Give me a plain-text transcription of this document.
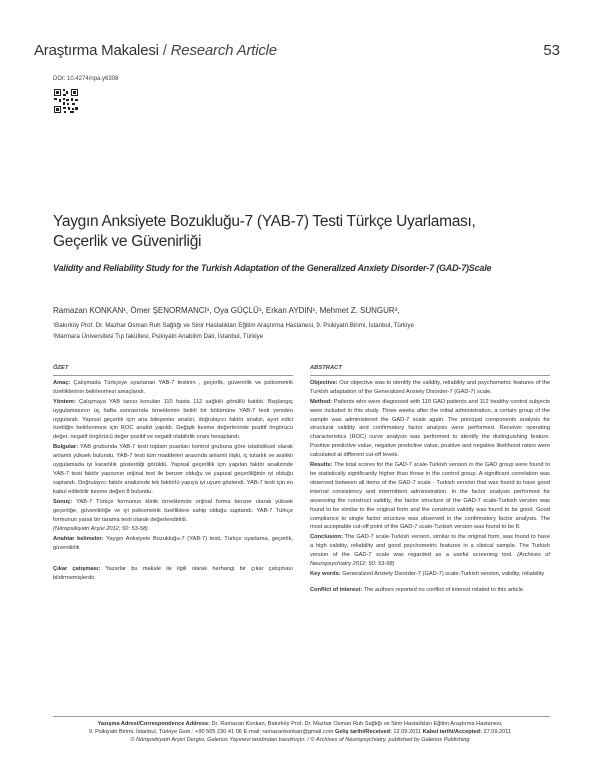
Araştırma Makalesi / Research Article	53
DOI: 10.4274/npa.y6308
Yaygın Anksiyete Bozukluğu-7 (YAB-7) Testi Türkçe Uyarlaması,
Geçerlik ve Güvenirliği
Validity and Reliability Study for the Turkish Adaptation of the Generalized Anxiety Disorder-7 (GAD-7)Scale
Ramazan KONKAN¹, Ömer ŞENORMANCI¹, Oya GÜÇLÜ¹, Erkan AYDIN¹, Mehmet Z. SUNGUR²,
¹Bakırköy Prof. Dr. Mazhar Osman Ruh Sağlığı ve Sinir Hastalıkları Eğitim Araştırma Hastanesi, 9. Psikiyatri Birimi, İstanbul, Türkiye
²Marmara Üniversitesi Tıp fakültesi, Psikiyatri Anabilim Dalı, İstanbul, Türkiye
ÖZET

Amaç: Çalışmada Türkçeye uyarlanan YAB-7 testinin , geçerlik, güvenirlik ve psikometrik özelliklerinin belirlenmesi amaçlandı.

Yöntem: Çalışmaya YAB tanısı konulan 110 hasta 112 sağlıklı gönüllü katıldı. Başlangıç uygulamasının üç hafta sonrasında örneklemin belirli bir bölümüne YAB-7 testi yeniden uygulandı. Yapısal geçerlik için ana bileşenler analizi, doğrulayıcı faktör analizi, ayırt edici özelliğin belirlenmesi için ROC analizi yapıldı. Değişik kesme değerlerinde pozitif öngörücü değer, negatif öngörücü değer pozitif ve negatif olabilirlik oranı hesaplandı.

Bulgular: YAB grubunda YAB-7 testi toplam puanları kontrol grubuna göre istatistiksel olarak anlamlı yüksek bulundu. YAB-7 testi tüm maddeleri arasında anlamlı ilişki, iç tutarlık ve aralıklı uygulamada iyi kararlılık gösterdiği görüldü. Yapısal geçerlilik için yapılan faktör analizinde YAB-7 testi faktör yapısının orijinal test ile benzer olduğu ve yapısal geçerliliğinin iyi olduğu saptandı. Doğrulayıcı faktör analizinde tek faktörlü yapıya iyi uyum gözlendi. YAB-7 testi için en kabul edilebilir kesme değeri 8 bulundu.

Sonuç: YAB-7 Türkçe formunun klinik örneklemde orijinal forma benzer olarak yüksek geçerliğe, güvenilirliğe ve iyi psikometrik özelliklere sahip olduğu saptandı. YAB-7 Türkçe formunun yaralı bir tarama testi olarak değerlendirildi.

(Nöropsikiyatri Arşivi 2012; 50: 53-58)

Anahtar kelimeler: Yaygın Anksiyete Bozukluğu-7 (YAB-7) testi, Türkçe uyarlama, geçerlik, güvenilirlik

Çıkar çatışması: Yazarlar bu makale ile ilgili olarak herhangi bir çıkar çatışması bildirmemişlerdir.

ABSTRACT

Objective: Our objective was to identify the validity, reliability and psychometric features of the Turkish adaptation of the Generalized Anxiety Disorder-7 (GAD-7) scale.

Method: Patients who were diagnosed with 110 GAD patients and 112 healthy control subjects were included in this study. Three weeks after the initial administration, a certain group of the sample was administered the GAD-7 scale again. The principal components analysis for structural validity and confirmatory factor analysis were performed. Receiver operating characteristics (ROC) curve analysis was performed to identify the distinguishing feature. Positive predictive value, negative predictive value, positive and negative likelihood ratios were calculated at different cut-off levels.

Results: The total scores for the GAD-7 scale-Turkish version in the GAD group were found to be statistically significantly higher than those in the control group. A significant correlation was observed between all items of the GAD-7 scale - Turkish version that was found to have good internal consistency and intermittent administration. In the factor analysis performed for assessing the construct validity, the factor structure of the GAD-7 scale-Turkish version was found to be similar to the original form and the construct validity was found to be good. Good compliance to single factor structure was observed in the confirmatory factor analysis. The most acceptable cut-off point of the GAD-7 scale-Turkish version was found to be 8.

Conclusion: The GAD-7 scale-Turkish version, similar to the original form, was found to have a high validity, reliability and good psychometric features in a clinical sample. The Turkish version of the GAD-7 scale was regarded as a useful screening tool. (Archives of Neuropsychiatry 2012; 50: 53-58)

Key words: Generalized Anxiety Disorder-7 (GAD-7) scale-Turkish version, validity, reliability

Conflict of interest: The authors reported no conflict of interest related to this article.

Yazışma Adresi/Correspondence Address: Dr. Ramazan Konkan, Bakırköy Prof. Dr. Mazhar Osman Ruh Sağlığı ve Sinir Hastalıkları Eğitim Araştırma Hastanesi,
9. Psikiyatri Birimi, İstanbul, Türkiye Gsm.: +90 505 230 41 06 E-mail: ramazankonkan@gmail.com Geliş tarihi/Received: 12.09.2011 Kabul tarihi/Accepted: 27.09.2011
© Nöropsikiyatri Arşivi Dergisi, Galenos Yayınevi tarafından basılmıştır. / © Archives of Neuropsychiatry, published by Galenos Publishing
